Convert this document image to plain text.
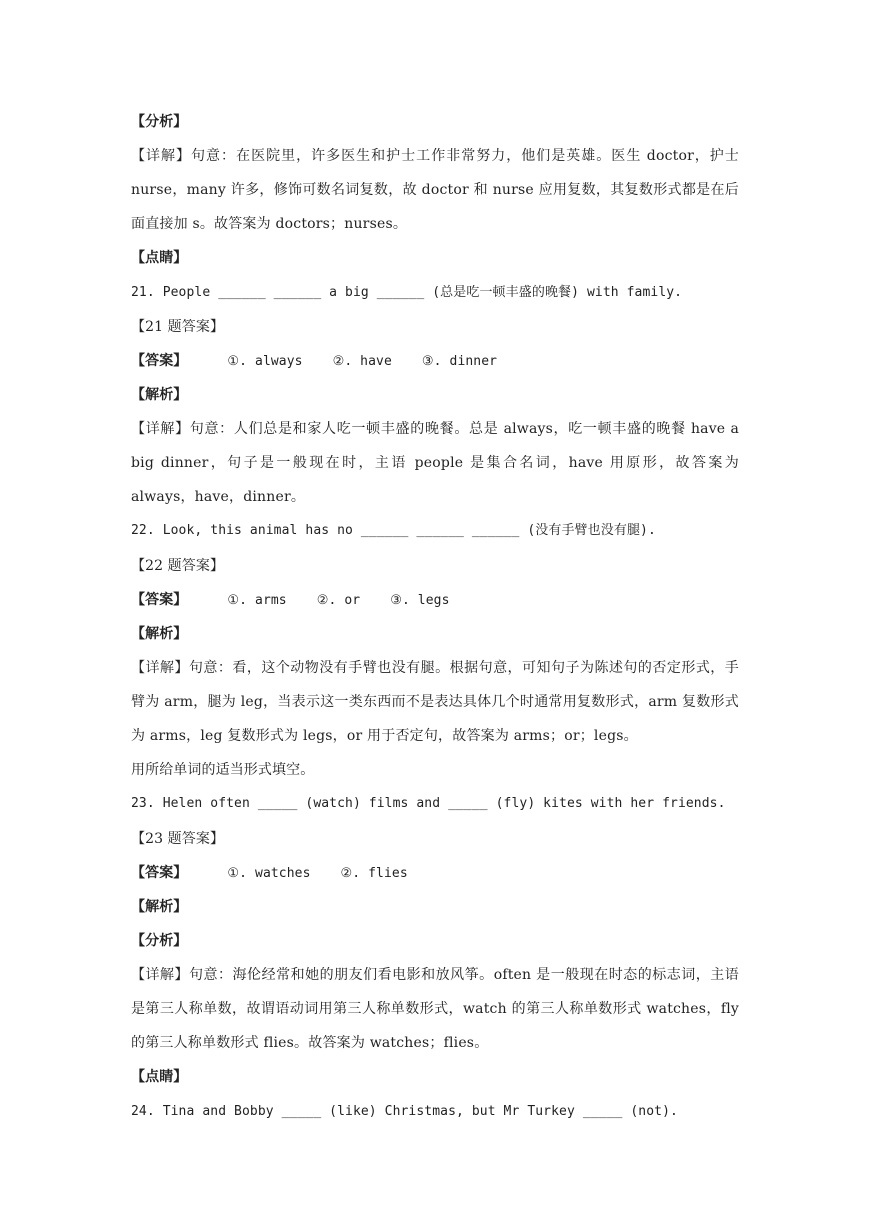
【分析】
【详解】句意：在医院里，许多医生和护士工作非常努力，他们是英雄。医生 doctor，护士 nurse，many 许多，修饰可数名词复数，故 doctor 和 nurse 应用复数，其复数形式都是在后面直接加 s。故答案为 doctors；nurses。
【点睛】
21. People ______ ______ a big ______ (总是吃一顿丰盛的晚餐) with family.
【21 题答案】
【答案】	①. always ②. have ③. dinner
【解析】
【详解】句意：人们总是和家人吃一顿丰盛的晚餐。总是 always，吃一顿丰盛的晚餐 have a big dinner，句子是一般现在时，主语 people 是集合名词，have 用原形，故答案为 always，have，dinner。
22. Look, this animal has no ______ ______ ______ (没有手臂也没有腿).
【22 题答案】
【答案】	①. arms ②. or ③. legs
【解析】
【详解】句意：看，这个动物没有手臂也没有腿。根据句意，可知句子为陈述句的否定形式，手臂为 arm，腿为 leg，当表示这一类东西而不是表达具体几个时通常用复数形式，arm 复数形式为 arms，leg 复数形式为 legs，or 用于否定句，故答案为 arms；or；legs。
用所给单词的适当形式填空。
23. Helen often _____ (watch) films and _____ (fly) kites with her friends.
【23 题答案】
【答案】	①. watches ②. flies
【解析】
【分析】
【详解】句意：海伦经常和她的朋友们看电影和放风筝。often 是一般现在时态的标志词，主语是第三人称单数，故谓语动词用第三人称单数形式，watch 的第三人称单数形式 watches，fly 的第三人称单数形式 flies。故答案为 watches；flies。
【点睛】
24. Tina and Bobby _____ (like) Christmas, but Mr Turkey _____ (not).
